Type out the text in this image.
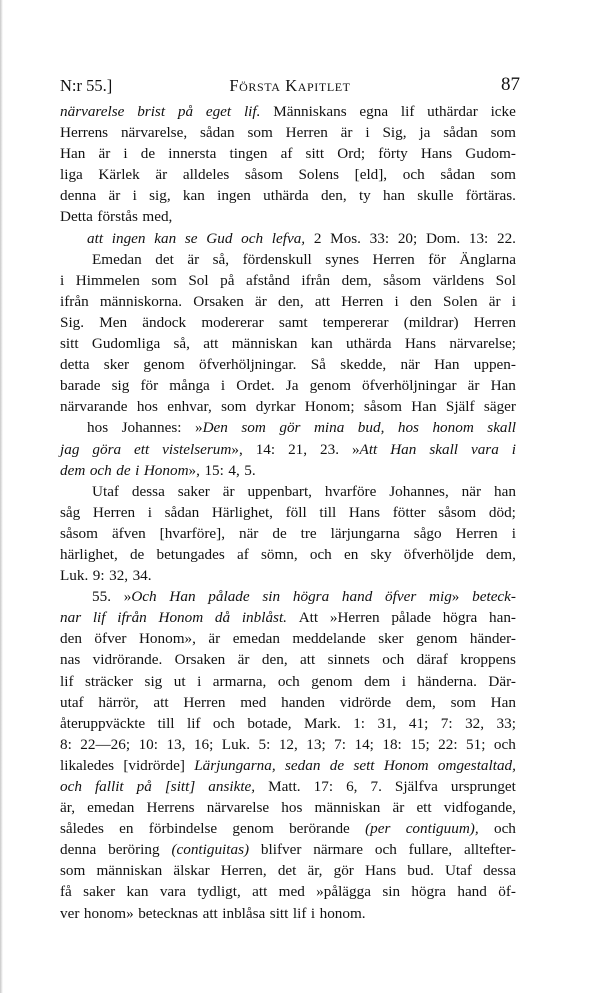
N:r 55.]	Första Kapitlet	87
närvarelse brist på eget lif. Människans egna lif uthärdar icke
Herrens närvarelse, sådan som Herren är i Sig, ja sådan som
Han är i de innersta tingen af sitt Ord; förty Hans Gudom-
liga Kärlek är alldeles såsom Solens [eld], och sådan som
denna är i sig, kan ingen uthärda den, ty han skulle förtäras.
Detta förstås med,
att ingen kan se Gud och lefva, 2 Mos. 33: 20; Dom. 13: 22.
Emedan det är så, fördenskull synes Herren för Änglarna
i Himmelen som Sol på afstånd ifrån dem, såsom världens Sol
ifrån människorna. Orsaken är den, att Herren i den Solen är i
Sig. Men ändock modererar samt tempererar (mildrar) Herren
sitt Gudomliga så, att människan kan uthärda Hans närvarelse;
detta sker genom öfverhöljningar. Så skedde, när Han uppen-
barade sig för många i Ordet. Ja genom öfverhöljningar är Han
närvarande hos enhvar, som dyrkar Honom; såsom Han Själf säger
hos Johannes: »Den som gör mina bud, hos honom skall
jag göra ett vistelserum», 14: 21, 23. »Att Han skall vara i
dem och de i Honom», 15: 4, 5.
Utaf dessa saker är uppenbart, hvarföre Johannes, när han
såg Herren i sådan Härlighet, föll till Hans fötter såsom död;
såsom äfven [hvarföre], när de tre lärjungarna sågo Herren i
härlighet, de betungades af sömn, och en sky öfverhöljde dem,
Luk. 9: 32, 34.
55. »Och Han pålade sin högra hand öfver mig» beteck-
nar lif ifrån Honom då inblåst. Att »Herren pålade högra han-
den öfver Honom», är emedan meddelande sker genom händer-
nas vidrörande. Orsaken är den, att sinnets och däraf kroppens
lif sträcker sig ut i armarna, och genom dem i händerna. Där-
utaf härrör, att Herren med handen vidrörde dem, som Han
återuppväckte till lif och botade, Mark. 1: 31, 41; 7: 32, 33;
8: 22—26; 10: 13, 16; Luk. 5: 12, 13; 7: 14; 18: 15; 22: 51; och
likaledes [vidrörde] Lärjungarna, sedan de sett Honom omgestaltad,
och fallit på [sitt] ansikte, Matt. 17: 6, 7. Själfva ursprunget
är, emedan Herrens närvarelse hos människan är ett vidfogande,
således en förbindelse genom berörande (per contiguum), och
denna beröring (contiguitas) blifver närmare och fullare, alltefter-
som människan älskar Herren, det är, gör Hans bud. Utaf dessa
få saker kan vara tydligt, att med »pålägga sin högra hand öf-
ver honom» betecknas att inblåsa sitt lif i honom.
